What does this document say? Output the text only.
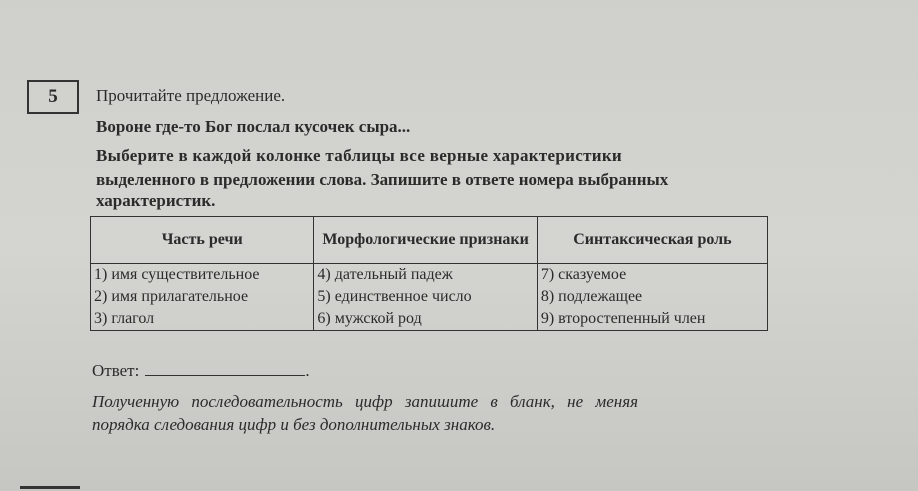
5	Прочитайте предложение.
Вороне где-то Бог послал кусочек сыра...
Выберите в каждой колонке таблицы все верные характеристики
выделенного в предложении слова. Запишите в ответе номера выбранных
характеристик.
Часть речи	Морфологические признаки	Синтаксическая роль
1) имя существительное	4) дательный падеж	7) сказуемое
2) имя прилагательное	5) единственное число	8) подлежащее
3) глагол	6) мужской род	9) второстепенный член
Ответ:	.
Полученную последовательность цифр запишите в бланк, не меняя
порядка следования цифр и без дополнительных знаков.
